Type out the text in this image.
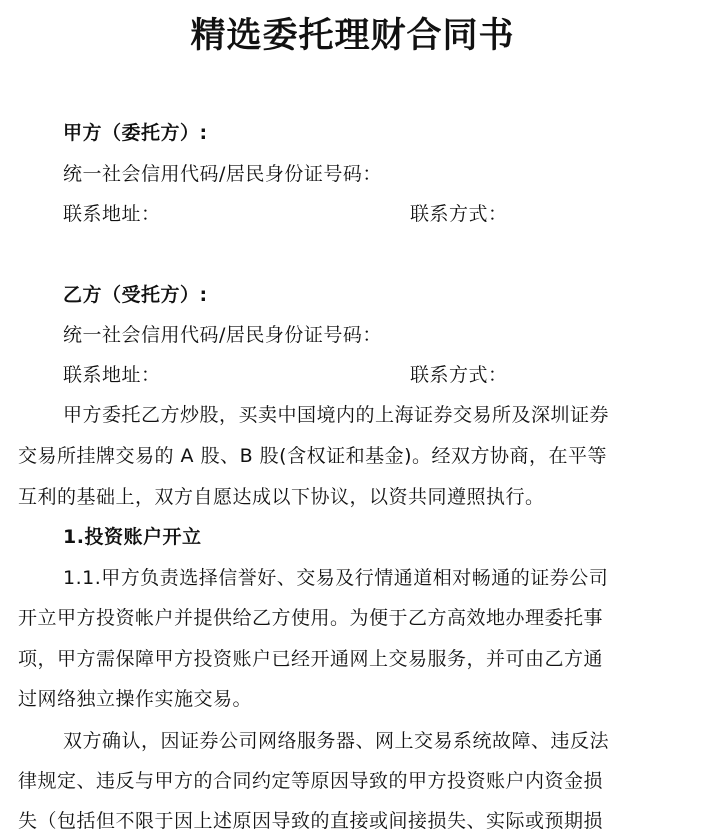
精选委托理财合同书
甲方（委托方）:
统一社会信用代码/居民身份证号码：
联系地址：	联系方式：
乙方（受托方）:
统一社会信用代码/居民身份证号码：
联系地址：	联系方式：
甲方委托乙方炒股，买卖中国境内的上海证券交易所及深圳证券
交易所挂牌交易的 A 股、B 股(含权证和基金)。经双方协商，在平等
互利的基础上，双方自愿达成以下协议，以资共同遵照执行。
1.投资账户开立
1.1.甲方负责选择信誉好、交易及行情通道相对畅通的证券公司
开立甲方投资帐户并提供给乙方使用。为便于乙方高效地办理委托事
项，甲方需保障甲方投资账户已经开通网上交易服务，并可由乙方通
过网络独立操作实施交易。
双方确认，因证券公司网络服务器、网上交易系统故障、违反法
律规定、违反与甲方的合同约定等原因导致的甲方投资账户内资金损
失（包括但不限于因上述原因导致的直接或间接损失、实际或预期损
